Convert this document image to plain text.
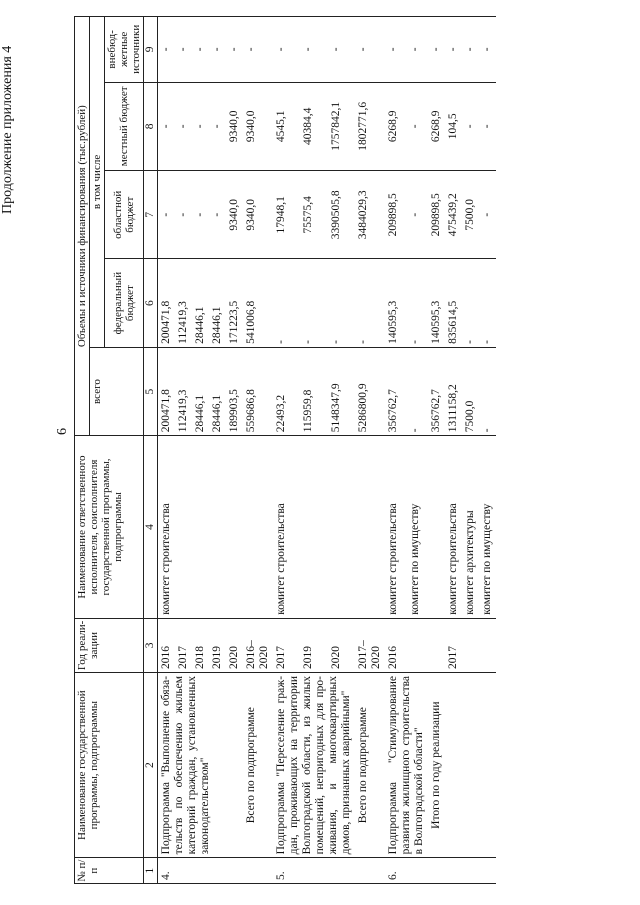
6
Продолжение приложения 4
№ п/п	Наименование государственной программы, подпрограммы	Год реали-зации	Наименование ответственного исполнителя, соисполнителя государственной программы, подпрограммы	Объемы и источники финансирования (тыс.рублей)				
				всего	в том числе			
					федеральный бюджет	областной бюджет	местный бюджет	внебюд-жетные источники
1	2	3	4	5	6	7	8	9
4.	Подпрограмма "Выполнение обяза-тельств по обеспечению жильем категорий граждан, установленных законодательством"	2016	комитет строительства	200471,8	200471,8	-	-	-
		2017		112419,3	112419,3	-	-	-
		2018		28446,1	28446,1	-	-	-
		2019		28446,1	28446,1	-	-	-
		2020		189903,5	171223,5	9340,0	9340,0	-
	Всего по подпрограмме	2016–2020		559686,8	541006,8	9340,0	9340,0	-
5.	Подпрограмма "Переселение граж-дан, проживающих на территории Волгоградской области, из жилых помещений, непригодных для про-живания, и многоквартирных домов, признанных аварийными"	2017	комитет строительства	22493,2	-	17948,1	4545,1	-
		2019		115959,8	-	75575,4	40384,4	-
		2020		5148347,9	-	3390505,8	1757842,1	-
	Всего по подпрограмме	2017–2020		5286800,9	-	3484029,3	1802771,6	-
6.	Подпрограмма "Стимулирование развития жилищного строительства в Волгоградской области"	2016	комитет строительства	356762,7	140595,3	209898,5	6268,9	-
			комитет по имуществу	-	-	-	-	-
	Итого по году реализации			356762,7	140595,3	209898,5	6268,9	-
		2017	комитет строительства	1311158,2	835614,5	475439,2	104,5	-
			комитет архитектуры	7500,0	-	7500,0	-	-
			комитет по имуществу	-	-	-	-	-
